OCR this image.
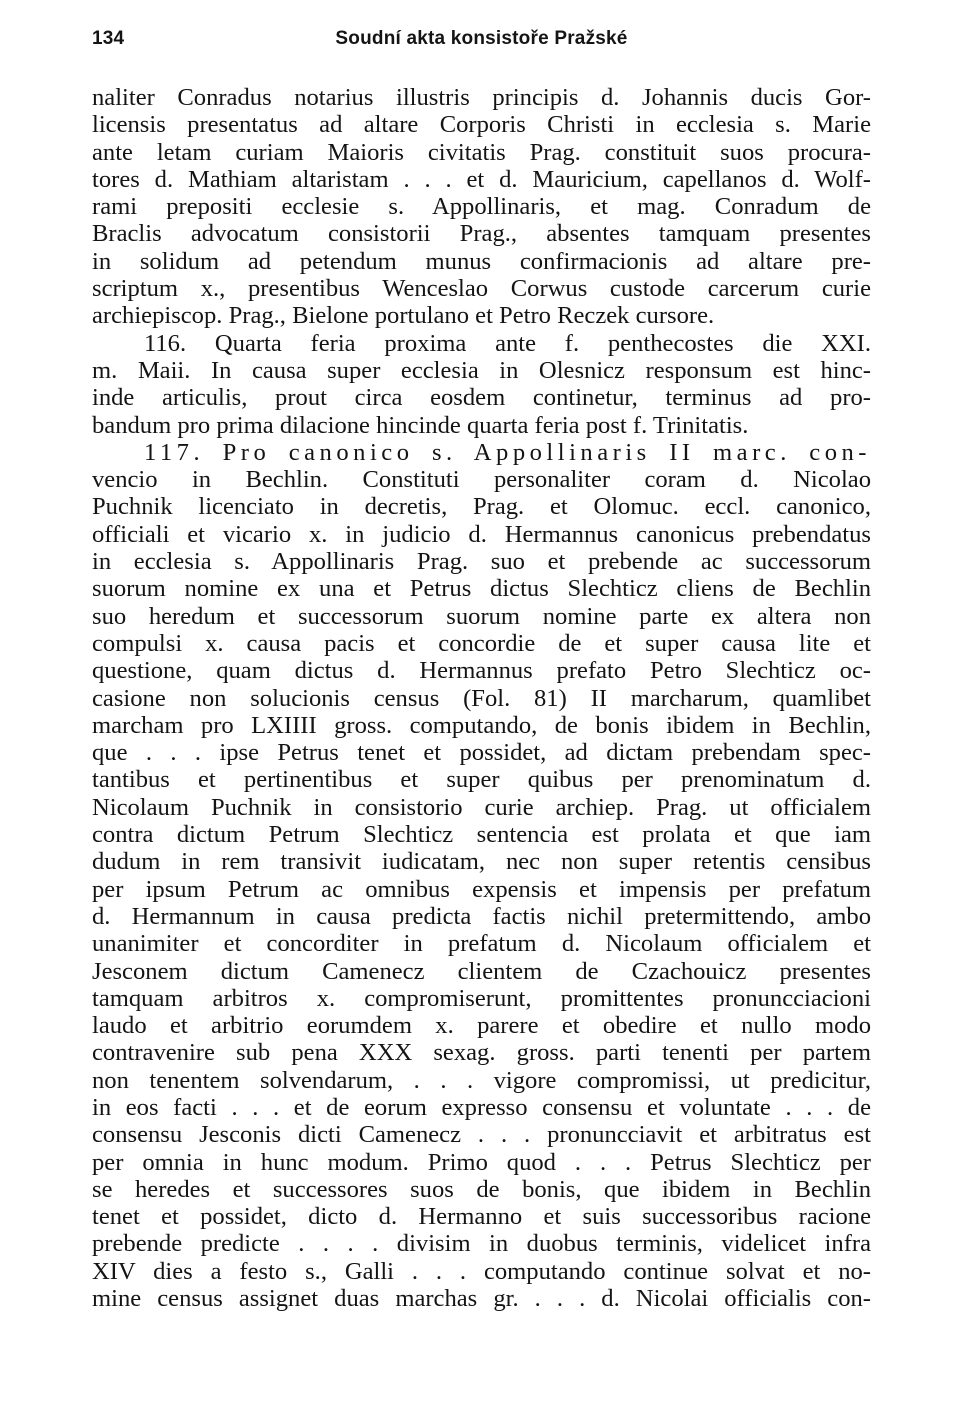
134	Soudní akta konsistoře Pražské
naliter Conradus notarius illustris principis d. Johannis ducis Gor-
licensis presentatus ad altare Corporis Christi in ecclesia s. Marie
ante letam curiam Maioris civitatis Prag. constituit suos procura-
tores d. Mathiam altaristam . . . et d. Mauricium, capellanos d. Wolf-
rami prepositi ecclesie s. Appollinaris, et mag. Conradum de
Braclis advocatum consistorii Prag., absentes tamquam presentes
in solidum ad petendum munus confirmacionis ad altare pre-
scriptum x., presentibus Wenceslao Corwus custode carcerum curie
archiepiscop. Prag., Bielone portulano et Petro Reczek cursore.
116. Quarta feria proxima ante f. penthecostes die XXI.
m. Maii. In causa super ecclesia in Olesnicz responsum est hinc-
inde articulis, prout circa eosdem continetur, terminus ad pro-
bandum pro prima dilacione hincinde quarta feria post f. Trinitatis.
117. Pro canonico s. Appollinaris II marc. con-
vencio in Bechlin. Constituti personaliter coram d. Nicolao
Puchnik licenciato in decretis, Prag. et Olomuc. eccl. canonico,
officiali et vicario x. in judicio d. Hermannus canonicus prebendatus
in ecclesia s. Appollinaris Prag. suo et prebende ac successorum
suorum nomine ex una et Petrus dictus Slechticz cliens de Bechlin
suo heredum et successorum suorum nomine parte ex altera non
compulsi x. causa pacis et concordie de et super causa lite et
questione, quam dictus d. Hermannus prefato Petro Slechticz oc-
casione non solucionis census (Fol. 81) II marcharum, quamlibet
marcham pro LXIIII gross. computando, de bonis ibidem in Bechlin,
que . . . ipse Petrus tenet et possidet, ad dictam prebendam spec-
tantibus et pertinentibus et super quibus per prenominatum d.
Nicolaum Puchnik in consistorio curie archiep. Prag. ut officialem
contra dictum Petrum Slechticz sentencia est prolata et que iam
dudum in rem transivit iudicatam, nec non super retentis censibus
per ipsum Petrum ac omnibus expensis et impensis per prefatum
d. Hermannum in causa predicta factis nichil pretermittendo, ambo
unanimiter et concorditer in prefatum d. Nicolaum officialem et
Jesconem dictum Camenecz clientem de Czachouicz presentes
tamquam arbitros x. compromiserunt, promittentes pronuncciacioni
laudo et arbitrio eorumdem x. parere et obedire et nullo modo
contravenire sub pena XXX sexag. gross. parti tenenti per partem
non tenentem solvendarum, . . . vigore compromissi, ut predicitur,
in eos facti . . . et de eorum expresso consensu et voluntate . . . de
consensu Jesconis dicti Camenecz . . . pronuncciavit et arbitratus est
per omnia in hunc modum. Primo quod . . . Petrus Slechticz per
se heredes et successores suos de bonis, que ibidem in Bechlin
tenet et possidet, dicto d. Hermanno et suis successoribus racione
prebende predicte . . . . divisim in duobus terminis, videlicet infra
XIV dies a festo s., Galli . . . computando continue solvat et no-
mine census assignet duas marchas gr. . . . d. Nicolai officialis con-
